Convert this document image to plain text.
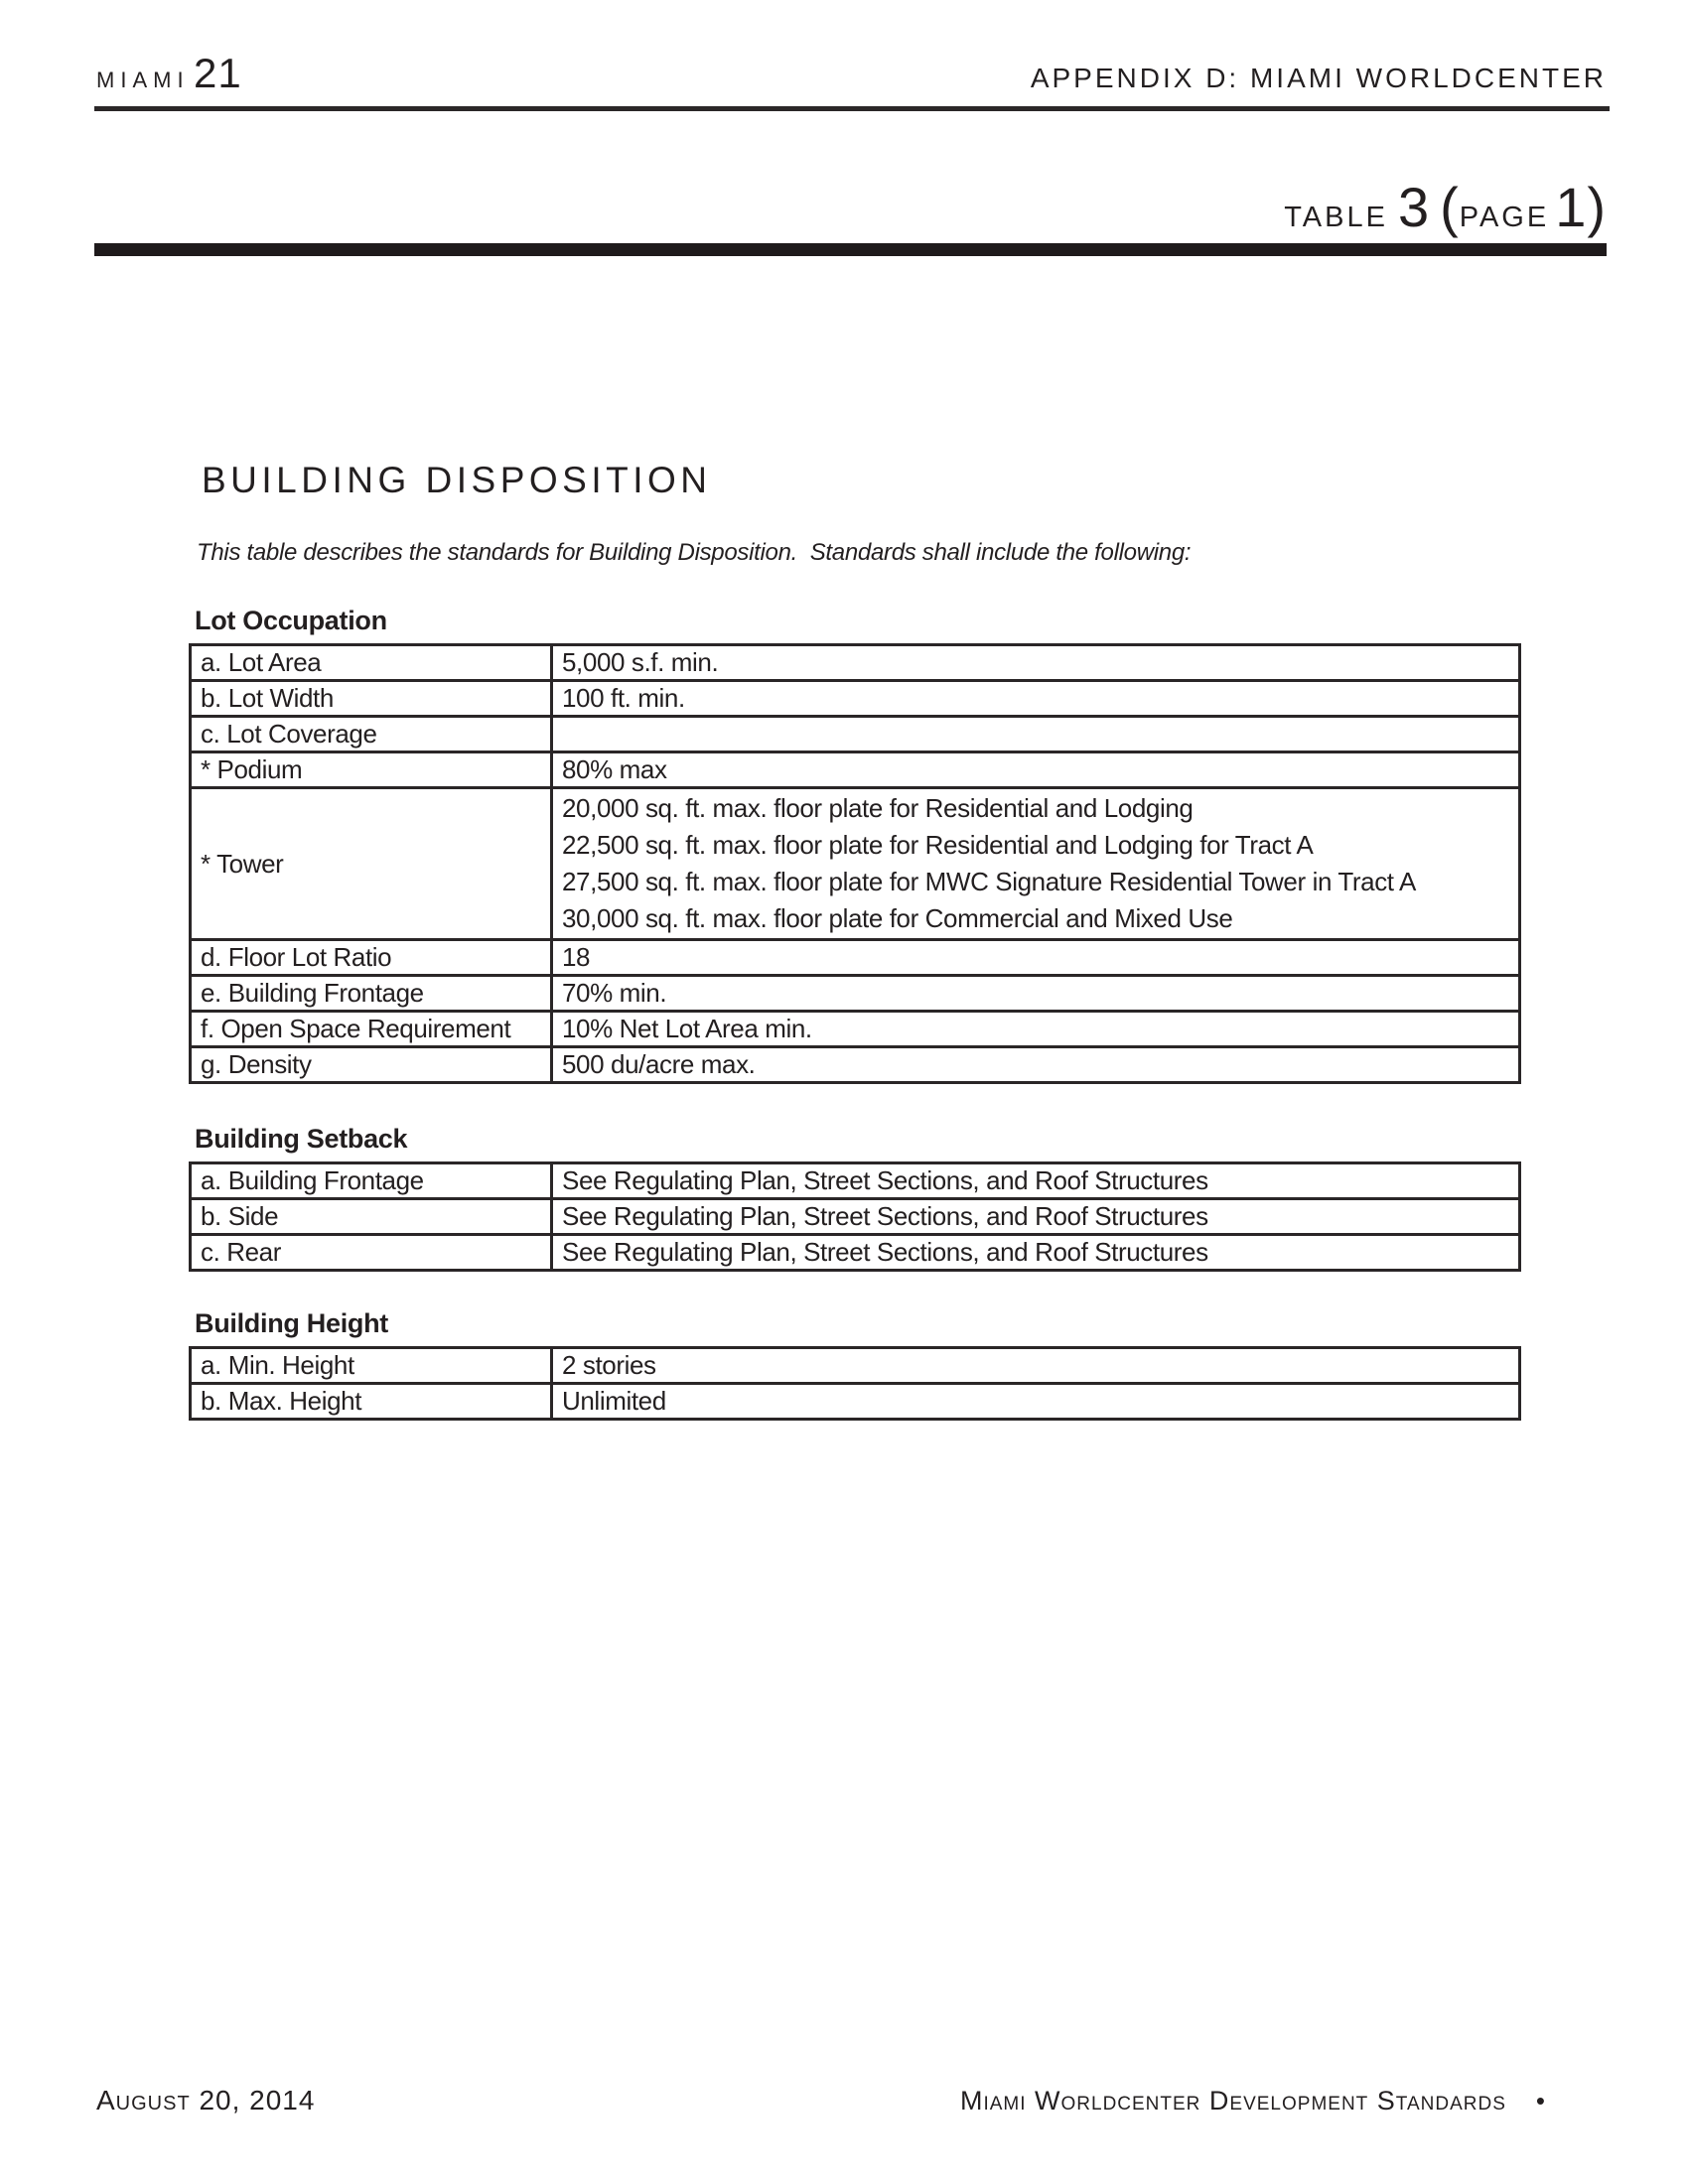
miami 21	APPENDIX D: MIAMI WORLDCENTER
table 3 (page 1)
BUILDING DISPOSITION
This table describes the standards for Building Disposition.  Standards shall include the following:
Lot Occupation
a. Lot Area	5,000 s.f. min.
b. Lot Width	100 ft. min.
c. Lot Coverage	
* Podium	80% max
* Tower	20,000 sq. ft. max. floor plate for Residential and Lodging
22,500 sq. ft. max. floor plate for Residential and Lodging for Tract A
27,500 sq. ft. max. floor plate for MWC Signature Residential Tower in Tract A
30,000 sq. ft. max. floor plate for Commercial and Mixed Use

d. Floor Lot Ratio	18
e. Building Frontage	70% min.
f. Open Space Requirement	10% Net Lot Area min.
g. Density	500 du/acre max.
Building Setback
a. Building Frontage	See Regulating Plan, Street Sections, and Roof Structures
b. Side	See Regulating Plan, Street Sections, and Roof Structures
c. Rear	See Regulating Plan, Street Sections, and Roof Structures
Building Height
a. Min. Height	2 stories
b. Max. Height	Unlimited
August 20, 2014	Miami Worldcenter Development Standards •
